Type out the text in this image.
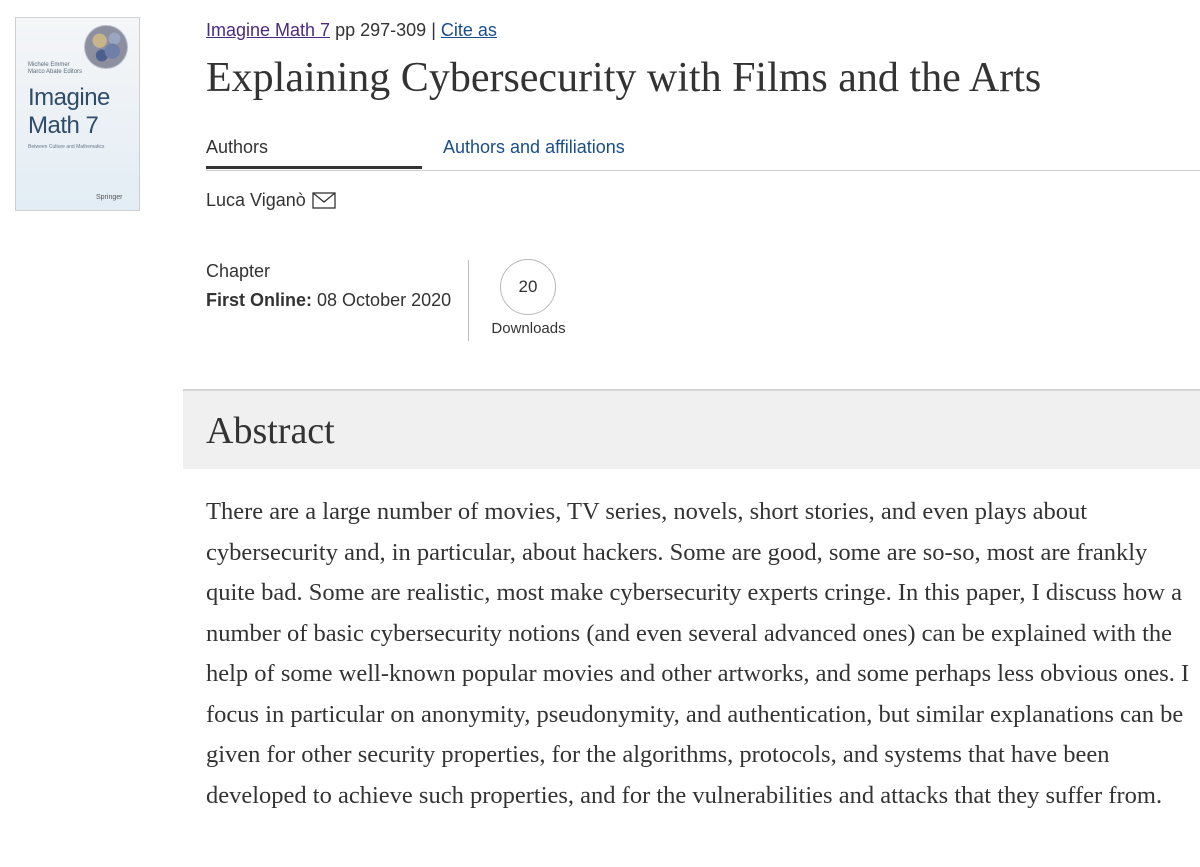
Michele Emmer
Marco Abate Editors
Imagine
Math 7
Between Culture and Mathematics
Springer
Imagine Math 7 pp 297-309 | Cite as
Explaining Cybersecurity with Films and the Arts
Authors	Authors and affiliations
Luca Viganò
Chapter
First Online: 08 October 2020
20
Downloads
Abstract

There are a large number of movies, TV series, novels, short stories, and even plays about cybersecurity and, in particular, about hackers. Some are good, some are so-so, most are frankly quite bad. Some are realistic, most make cybersecurity experts cringe. In this paper, I discuss how a number of basic cybersecurity notions (and even several advanced ones) can be explained with the help of some well-known popular movies and other artworks, and some perhaps less obvious ones. I focus in particular on anonymity, pseudonymity, and authentication, but similar explanations can be given for other security properties, for the algorithms, protocols, and systems that have been developed to achieve such properties, and for the vulnerabilities and attacks that they suffer from.
